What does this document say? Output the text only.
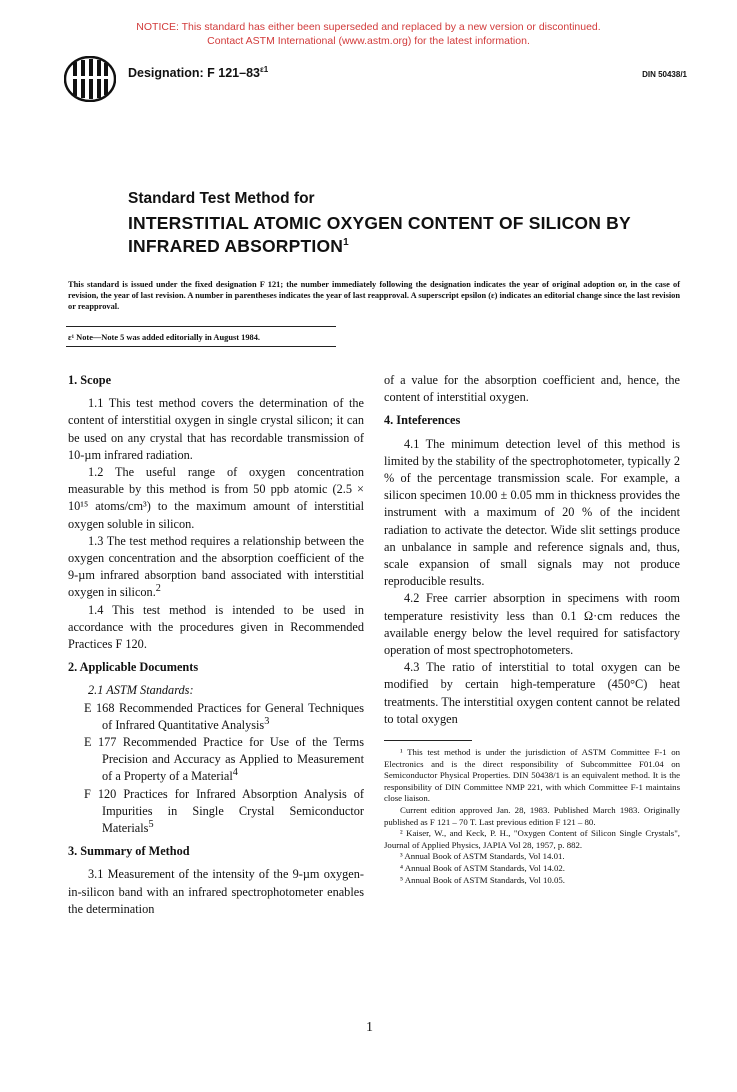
NOTICE: This standard has either been superseded and replaced by a new version or discontinued.
Contact ASTM International (www.astm.org) for the latest information.
Designation: F $121-83^{\varepsilon 1}$
DIN 50438/1
Standard Test Method for
INTERSTITIAL ATOMIC OXYGEN CONTENT OF SILICON BY
INFRARED ABSORPTION$^1$
This standard is issued under the fixed designation F 121; the number immediately following the designation indicates the year of original adoption or, in the case of revision, the year of last revision. A number in parentheses indicates the year of last reapproval. A superscript epsilon (ε) indicates an editorial change since the last revision or reapproval.
ε¹ Note—Note 5 was added editorially in August 1984.

1. Scope

1.1 This test method covers the determination of the content of interstitial oxygen in single crystal silicon; it can be used on any crystal that has recordable transmission of 10-µm infrared radiation.

1.2 The useful range of oxygen concentration measurable by this method is from 50 ppb atomic (2.5 × 10¹⁵ atoms/cm³) to the maximum amount of interstitial oxygen soluble in silicon.

1.3 The test method requires a relationship between the oxygen concentration and the absorption coefficient of the 9-µm infrared absorption band associated with interstitial oxygen in silicon.$^2$

1.4 This test method is intended to be used in accordance with the procedures given in Recommended Practices F 120.

2. Applicable Documents

2.1 ASTM Standards:

E 168 Recommended Practices for General Techniques of Infrared Quantitative Analysis$^3$

E 177 Recommended Practice for Use of the Terms Precision and Accuracy as Applied to Measurement of a Property of a Material$^4$

F 120 Practices for Infrared Absorption Analysis of Impurities in Single Crystal Semiconductor Materials$^5$

3. Summary of Method

3.1 Measurement of the intensity of the 9-µm oxygen-in-silicon band with an infrared spectrophotometer enables the determination

of a value for the absorption coefficient and, hence, the content of interstitial oxygen.

4. Inteferences

4.1 The minimum detection level of this method is limited by the stability of the spectrophotometer, typically 2 % of the percentage transmission scale. For example, a silicon specimen 10.00 ± 0.05 mm in thickness provides the instrument with a maximum of 20 % of the incident radiation to activate the detector. Wide slit settings produce an unbalance in sample and reference signals and, thus, scale expansion of small signals may not produce reproducible results.

4.2 Free carrier absorption in specimens with room temperature resistivity less than 0.1 Ω·cm reduces the available energy below the level required for satisfactory operation of most spectrophotometers.

4.3 The ratio of interstitial to total oxygen can be modified by certain high-temperature (450°C) heat treatments. The interstitial oxygen content cannot be related to total oxygen

¹ This test method is under the jurisdiction of ASTM Committee F-1 on Electronics and is the direct responsibility of Subcommittee F01.04 on Semiconductor Physical Properties. DIN 50438/1 is an equivalent method. It is the responsibility of DIN Committee NMP 221, with which Committee F-1 maintains close liaison.

Current edition approved Jan. 28, 1983. Published March 1983. Originally published as F 121 – 70 T. Last previous edition F 121 – 80.

² Kaiser, W., and Keck, P. H., "Oxygen Content of Silicon Single Crystals", Journal of Applied Physics, JAPIA Vol 28, 1957, p. 882.

³ Annual Book of ASTM Standards, Vol 14.01.

⁴ Annual Book of ASTM Standards, Vol 14.02.

⁵ Annual Book of ASTM Standards, Vol 10.05.

1
